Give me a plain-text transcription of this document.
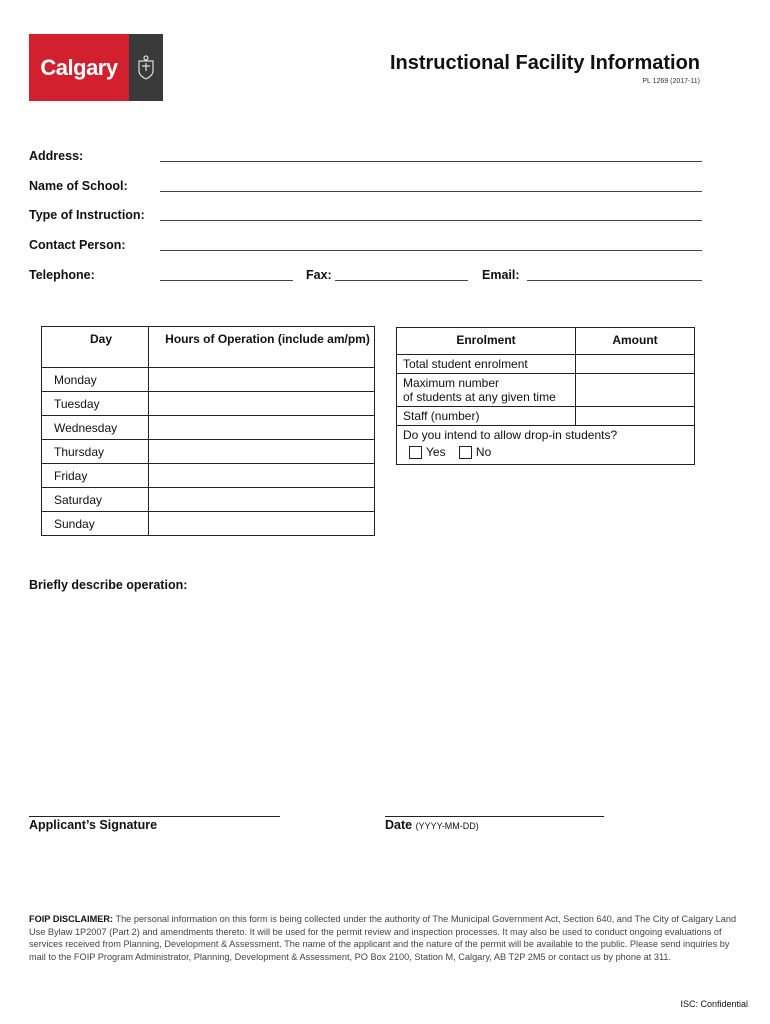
Calgary	Instructional Facility Information
PL 1269 (2017-11)
Address:
Name of School:
Type of Instruction:
Contact Person:
Telephone:	Fax:	Email:
Day	Hours of Operation (include am/pm)
Monday	
Tuesday	
Wednesday	
Thursday	
Friday	
Saturday	
Sunday	
Enrolment	Amount
Total student enrolment	
Maximum number
of students at any given time	
Staff (number)	

Do you intend to allow drop-in students?
Yes No	
Briefly describe operation:
Applicant’s Signature	Date (YYYY-MM-DD)
FOIP DISCLAIMER: The personal information on this form is being collected under the authority of The Municipal Government Act, Section 640, and The City of Calgary Land Use Bylaw 1P2007 (Part 2) and amendments thereto. It will be used for the permit review and inspection processes. It may also be used to conduct ongoing evaluations of services received from Planning, Development & Assessment. The name of the applicant and the nature of the permit will be available to the public. Please send inquiries by mail to the FOIP Program Administrator, Planning, Development & Assessment, PO Box 2100, Station M, Calgary, AB T2P 2M5 or contact us by phone at 311.
ISC: Confidential
